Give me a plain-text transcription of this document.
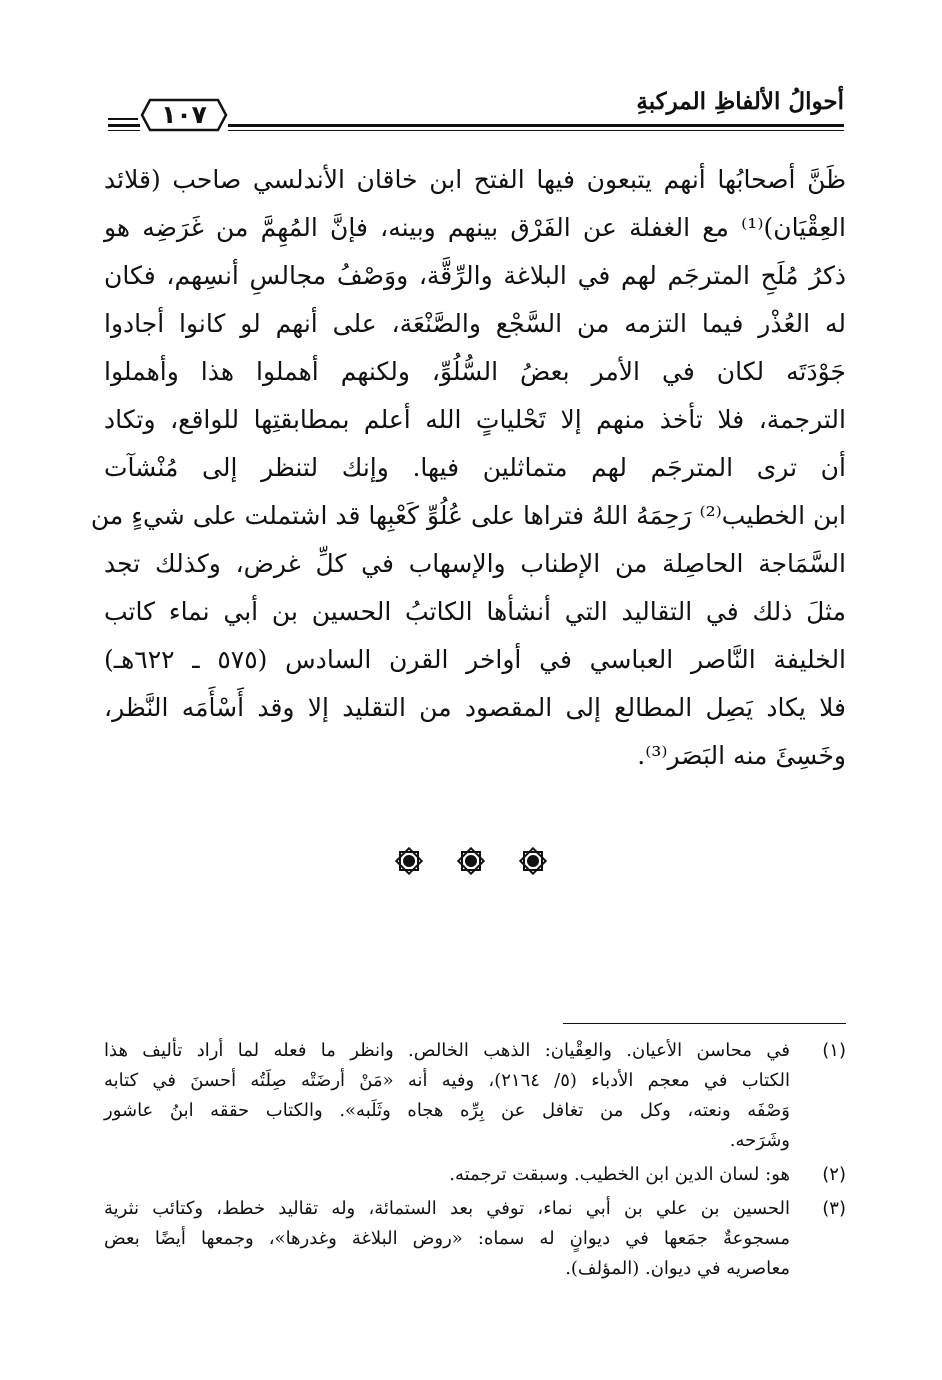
أحوالُ الألفاظِ المركبةِ
١٠٧
ظَنَّ أصحابُها أنهم يتبعون فيها الفتح ابن خاقان الأندلسي صاحب (قلائد
العِقْيَان)⁽¹⁾ مع الغفلة عن الفَرْق بينهم وبينه، فإنَّ المُهِمَّ من غَرَضِه هو
ذكرُ مُلَحِ المترجَم لهم في البلاغة والرِّقَّة، ووَصْفُ مجالسِ أنسِهم، فكان
له العُذْر فيما التزمه من السَّجْع والصَّنْعَة، على أنهم لو كانوا أجادوا
جَوْدَتَه لكان في الأمر بعضُ السُّلُوِّ، ولكنهم أهملوا هذا وأهملوا
الترجمة، فلا تأخذ منهم إلا تَحْلياتٍ الله أعلم بمطابقتِها للواقع، وتكاد
أن ترى المترجَم لهم متماثلين فيها. وإنك لتنظر إلى مُنْشآت
ابن الخطيب⁽²⁾ رَحِمَهُ اللهُ فتراها على عُلُوِّ كَعْبِها قد اشتملت على شيءٍ من
السَّمَاجة الحاصِلة من الإطناب والإسهاب في كلِّ غرض، وكذلك تجد
مثلَ ذلك في التقاليد التي أنشأها الكاتبُ الحسين بن أبي نماء كاتب
الخليفة النَّاصر العباسي في أواخر القرن السادس (٥٧٥ ـ ٦٢٢هـ)
فلا يكاد يَصِل المطالع إلى المقصود من التقليد إلا وقد أَسْأَمَه النَّظر،
وخَسِئَ منه البَصَر⁽³⁾.
(١)
في محاسن الأعيان. والعِقْيان: الذهب الخالص. وانظر ما فعله لما أراد تأليف هذا
الكتاب في معجم الأدباء (٥/ ٢١٦٤)، وفيه أنه «مَنْ أرضَتْه صِلَتُه أحسنَ في كتابه
وَصْفَه ونعته، وكل من تغافل عن بِرِّه هجاه وثَلَبه». والكتاب حققه ابنُ عاشور
وشَرَحه.
(٢)
هو: لسان الدين ابن الخطيب. وسبقت ترجمته.
(٣)
الحسين بن علي بن أبي نماء، توفي بعد الستمائة، وله تقاليد خطط، وكتائب نثرية
مسجوعةٌ جمَعها في ديوانٍ له سماه: «روض البلاغة وغدرها»، وجمعها أيضًا بعض
معاصريه في ديوان. (المؤلف).
